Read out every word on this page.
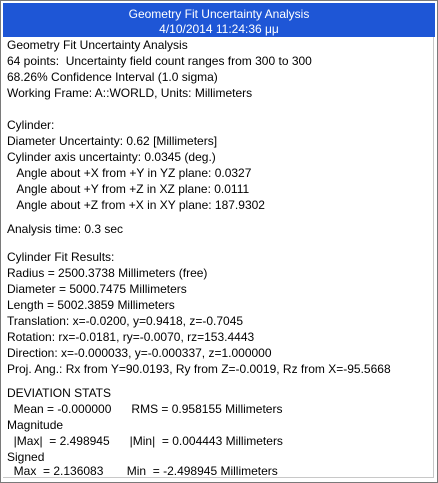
Geometry Fit Uncertainty Analysis
4/10/2014 11:24:36 μμ
Geometry Fit Uncertainty Analysis
64 points:  Uncertainty field count ranges from 300 to 300
68.26% Confidence Interval (1.0 sigma)
Working Frame: A::WORLD, Units: Millimeters
Cylinder:
Diameter Uncertainty: 0.62 [Millimeters]
Cylinder axis uncertainty: 0.0345 (deg.)
Angle about +X from +Y in YZ plane: 0.0327
Angle about +Y from +Z in XZ plane: 0.0111
Angle about +Z from +X in XY plane: 187.9302
Analysis time: 0.3 sec
Cylinder Fit Results:
Radius = 2500.3738 Millimeters (free)
Diameter = 5000.7475 Millimeters
Length = 5002.3859 Millimeters
Translation: x=-0.0200, y=0.9418, z=-0.7045
Rotation: rx=-0.0181, ry=-0.0070, rz=153.4443
Direction: x=-0.000033, y=-0.000337, z=1.000000
Proj. Ang.: Rx from Y=90.0193, Ry from Z=-0.0019, Rz from X=-95.5668
DEVIATION STATS
Mean = -0.000000      RMS = 0.958155 Millimeters
Magnitude
|Max|  = 2.498945      |Min|  = 0.004443 Millimeters
Signed
Max  = 2.136083       Min  = -2.498945 Millimeters
